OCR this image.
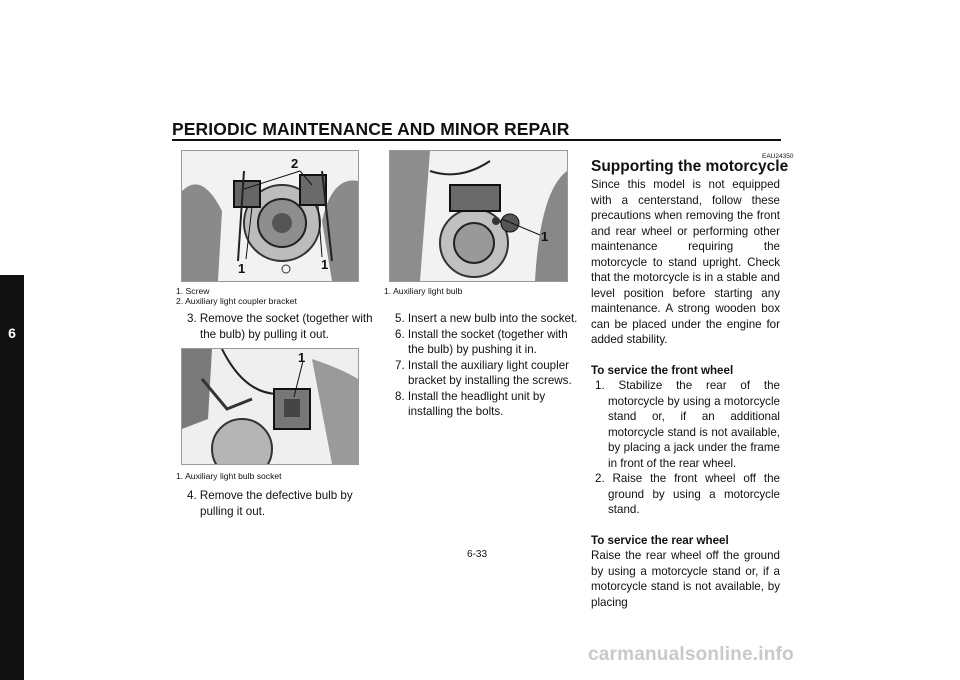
PERIODIC MAINTENANCE AND MINOR REPAIR
6
2
1	1
1. Screw
2. Auxiliary light coupler bracket

3. Remove the socket (together with the bulb) by pulling it out.

1
1. Auxiliary light bulb socket

4. Remove the defective bulb by pulling it out.

1
1. Auxiliary light bulb

5. Insert a new bulb into the socket.

6. Install the socket (together with the bulb) by pushing it in.

7. Install the auxiliary light coupler bracket by installing the screws.

8. Install the headlight unit by installing the bolts.

EAU24350
Supporting the motorcycle

Since this model is not equipped with a centerstand, follow these precautions when removing the front and rear wheel or performing other maintenance requiring the motorcycle to stand upright. Check that the motorcycle is in a stable and level position before starting any maintenance. A strong wooden box can be placed under the engine for added stability.

To service the front wheel

1. Stabilize the rear of the motorcycle by using a motorcycle stand or, if an additional motorcycle stand is not available, by placing a jack under the frame in front of the rear wheel.

2. Raise the front wheel off the ground by using a motorcycle stand.

To service the rear wheel

Raise the rear wheel off the ground by using a motorcycle stand or, if a motorcycle stand is not available, by placing

6-33
carmanualsonline.info
